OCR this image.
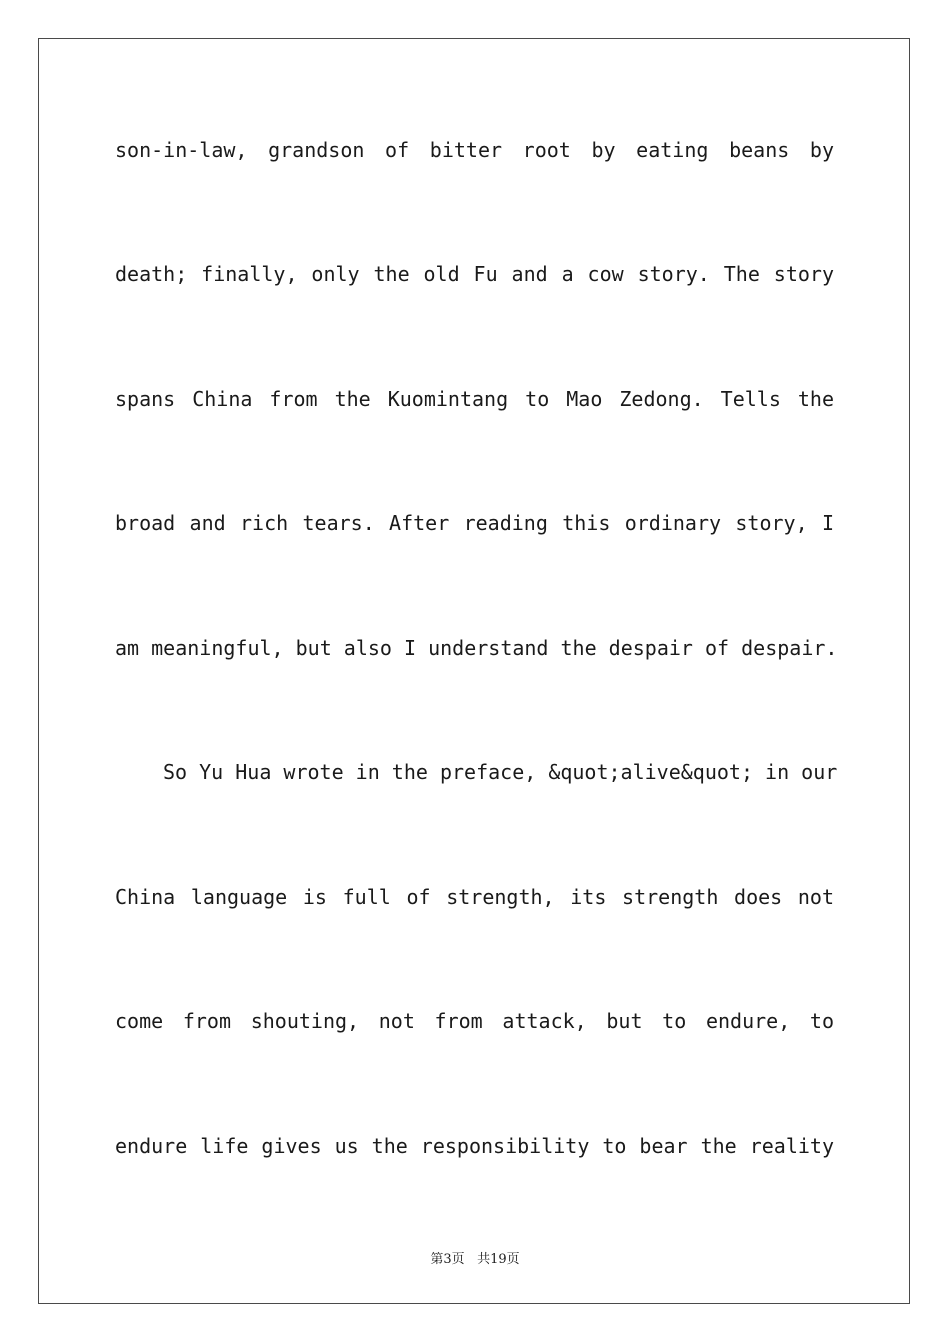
son-in-law, grandson of bitter root by eating beans by
death; finally, only the old Fu and a cow story. The story
spans China from the Kuomintang to Mao Zedong. Tells the
broad and rich tears. After reading this ordinary story, I
am meaningful, but also I understand the despair of despair.
So Yu Hua wrote in the preface, &quot;alive&quot; in our
China language is full of strength, its strength does not
come from shouting, not from attack, but to endure, to
endure life gives us the responsibility to bear the reality
第3页 共19页
